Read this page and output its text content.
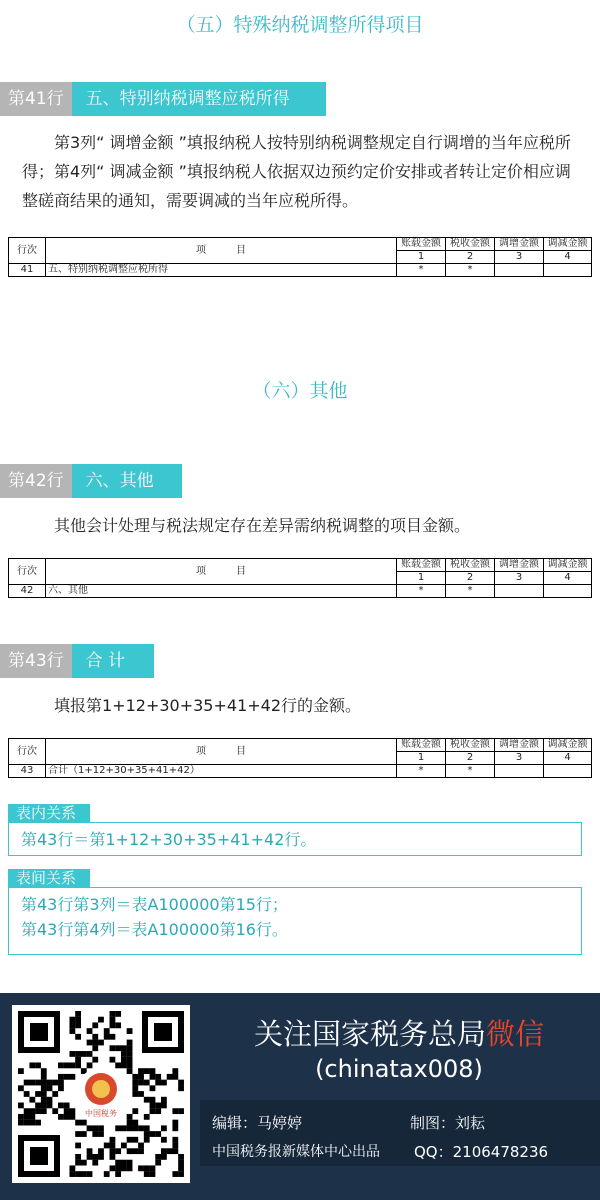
（五）特殊纳税调整所得项目
第41行	五、特别纳税调整应税所得
第3列“ 调增金额 ”填报纳税人按特别纳税调整规定自行调增的当年应税所得；第4列“ 调减金额 ”填报纳税人依据双边预约定价安排或者转让定价相应调整磋商结果的通知，需要调减的当年应税所得。
行次	项　　　目	账载金额	税收金额	调增金额	调减金额
		1	2	3	4
41	五、特别纳税调整应税所得	*	*		
（六）其他
第42行	六、其他
其他会计处理与税法规定存在差异需纳税调整的项目金额。
行次	项　　　目	账载金额	税收金额	调增金额	调减金额
		1	2	3	4
42	六、其他	*	*		
第43行	合 计
填报第1+12+30+35+41+42行的金额。
行次	项　　　目	账载金额	税收金额	调增金额	调减金额
		1	2	3	4
43	合计（1+12+30+35+41+42）	*	*		
表内关系
第43行＝第1+12+30+35+41+42行。
表间关系
第43行第3列＝表A100000第15行；
第43行第4列＝表A100000第16行。
中国税务
关注国家税务总局微信
(chinatax008)
编辑：马婷婷	制图：刘耘
中国税务报新媒体中心出品 QQ：2106478236
